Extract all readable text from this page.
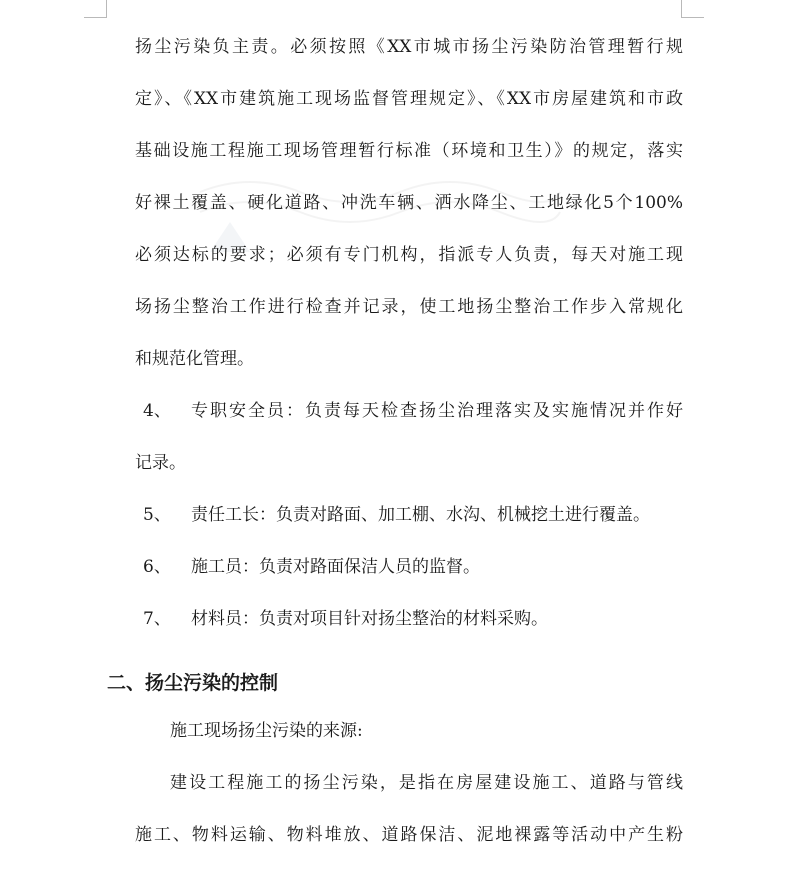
扬尘污染负主责。必须按照《XX市城市扬尘污染防治管理暂行规

定》、《XX市建筑施工现场监督管理规定》、《XX市房屋建筑和市政

基础设施工程施工现场管理暂行标准（环境和卫生）》的规定，落实

好裸土覆盖、硬化道路、冲洗车辆、洒水降尘、工地绿化5个100%

必须达标的要求；必须有专门机构，指派专人负责，每天对施工现

场扬尘整治工作进行检查并记录，使工地扬尘整治工作步入常规化

和规范化管理。

4、 专职安全员：负责每天检查扬尘治理落实及实施情况并作好
记录。
5、 责任工长：负责对路面、加工棚、水沟、机械挖土进行覆盖。
6、 施工员：负责对路面保洁人员的监督。
7、 材料员：负责对项目针对扬尘整治的材料采购。
二、扬尘污染的控制

施工现场扬尘污染的来源:

建设工程施工的扬尘污染，是指在房屋建设施工、道路与管线

施工、物料运输、物料堆放、道路保洁、泥地裸露等活动中产生粉
